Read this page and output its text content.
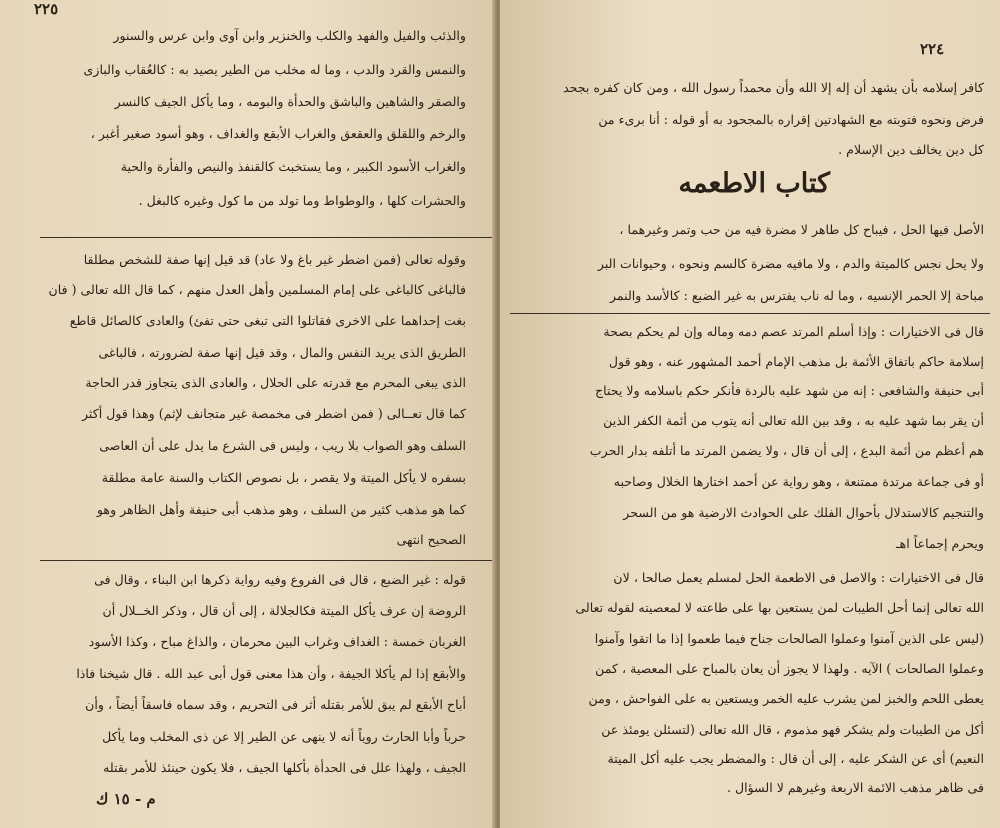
٢٢٥
والذئب والفيل والفهد والكلب والخنزير وابن آوى وابن عرس والسنور
والنمس والقرد والدب ، وما له مخلب من الطير يصيد به : كالعُقاب والبازى
والصقر والشاهين والباشق والحدأة والبومه ، وما يأكل الجيف كالنسر
والرخم واللقلق والعقعق والغراب الأبقع والغداف ، وهو أسود صغير أغبر ،
والغراب الأسود الكبير ، وما يستخبث كالقنفذ والنيص والفأرة والحية
والحشرات كلها ، والوطواط وما تولد من ما كول وغيره كالبغل .
وقوله تعالى (فمن اضطر غير باغ ولا عاد) قد قيل إنها صفة للشخص مطلقا
فالباغى كالباغى على إمام المسلمين وأهل العدل منهم ، كما قال الله تعالى ( فان
بغت إحداهما على الاخرى فقاتلوا التى تبغى حتى تفئ) والعادى كالصائل قاطع
الطريق الذى يريد النفس والمال ، وقد قيل إنها صفة لضرورته ، فالباغى
الذى يبغى المحرم مع قدرته على الحلال ، والعادى الذى يتجاوز قدر الحاجة
كما قال تعــالى ( فمن اضطر فى مخمصة غير متجانف لإثم) وهذا قول أكثر
السلف وهو الصواب بلا ريب ، وليس فى الشرع ما يدل على أن العاصى
بسفره لا يأكل الميتة ولا يقصر ، بل نصوص الكتاب والسنة عامة مطلقة
كما هو مذهب كثير من السلف ، وهو مذهب أبى حنيفة وأهل الظاهر وهو
الصحيح انتهى
قوله : غير الضبع ، قال فى الفروع وفيه رواية ذكرها ابن البناء ، وقال فى
الروضة إن عرف يأكل الميتة فكالجلالة ، إلى أن قال ، وذكر الخــلال أن
الغربان خمسة : الغداف وغراب البين محرمان ، والذاغ مباح ، وكذا الأسود
والأبقع إذا لم يأكلا الجيفة ، وأن هذا معنى قول أبى عبد الله . قال شيخنا فاذا
أباح الأبقع لم يبق للأمر بقتله أثر فى التحريم ، وقد سماه فاسقاً أيضاً ، وأن
حرباً وأبا الحارث روياً أنه لا ينهى عن الطير إلا عن ذى المخلب وما يأكل
الجيف ، ولهذا علل فى الحدأة بأكلها الجيف ، فلا يكون حينئذ للأمر بقتله
م - ١٥ ك
٢٢٤
كافر إسلامه بأن يشهد أن إله إلا الله وأن محمداً رسول الله ، ومن كان كفره بجحد
فرض ونحوه فتوبته مع الشهادتين إقراره بالمجحود به أو قوله : أنا برىء من
كل دين يخالف دين الإسلام .
كتاب الاطعمه
الأصل فيها الحل ، فيباح كل طاهر لا مضرة فيه من حب وتمر وغيرهما ،
ولا يحل نجس كالميتة والدم ، ولا مافيه مضرة كالسم ونحوه ، وحيوانات البر
مباحة إلا الحمر الإنسيه ، وما له ناب يفترس به غير الضبع : كالأسد والنمر
قال فى الاختيارات : وإذا أسلم المرتد عصم دمه وماله وإن لم يحكم بصحة
إسلامة حاكم باتفاق الأئمة بل مذهب الإمام أحمد المشهور عنه ، وهو قول
أبى حنيفة والشافعى : إنه من شهد عليه بالردة فأنكر حكم باسلامه ولا يحتاج
أن يقر بما شهد عليه به ، وقد بين الله تعالى أنه يتوب من أئمة الكفر الذين
هم أعظم من أئمة البدع ، إلى أن قال ، ولا يضمن المرتد ما أتلفه بدار الحرب
أو فى جماعة مرتدة ممتنعة ، وهو رواية عن أحمد اختارها الخلال وصاحبه
والتنجيم كالاستدلال بأحوال الفلك على الحوادث الارضية هو من السحر
ويحرم إجماعاً اهـ
قال فى الاختيارات : والاصل فى الاطعمة الحل لمسلم يعمل صالحا ، لان
الله تعالى إنما أحل الطيبات لمن يستعين بها على طاعته لا لمعصيته لقوله تعالى
(ليس على الذين آمنوا وعملوا الصالحات جناح فيما طعموا إذا ما اتقوا وآمنوا
وعملوا الصالحات ) الآيه . ولهذا لا يجوز أن يعان بالمباح على المعصية ، كمن
يعطى اللحم والخبز لمن يشرب عليه الخمر ويستعين به على الفواحش ، ومن
أكل من الطيبات ولم يشكر فهو مذموم ، قال الله تعالى (لتسئلن يومئذ عن
النعيم) أى عن الشكر عليه ، إلى أن قال : والمضطر يجب عليه أكل الميتة
فى ظاهر مذهب الائمة الاربعة وغيرهم لا السؤال .
